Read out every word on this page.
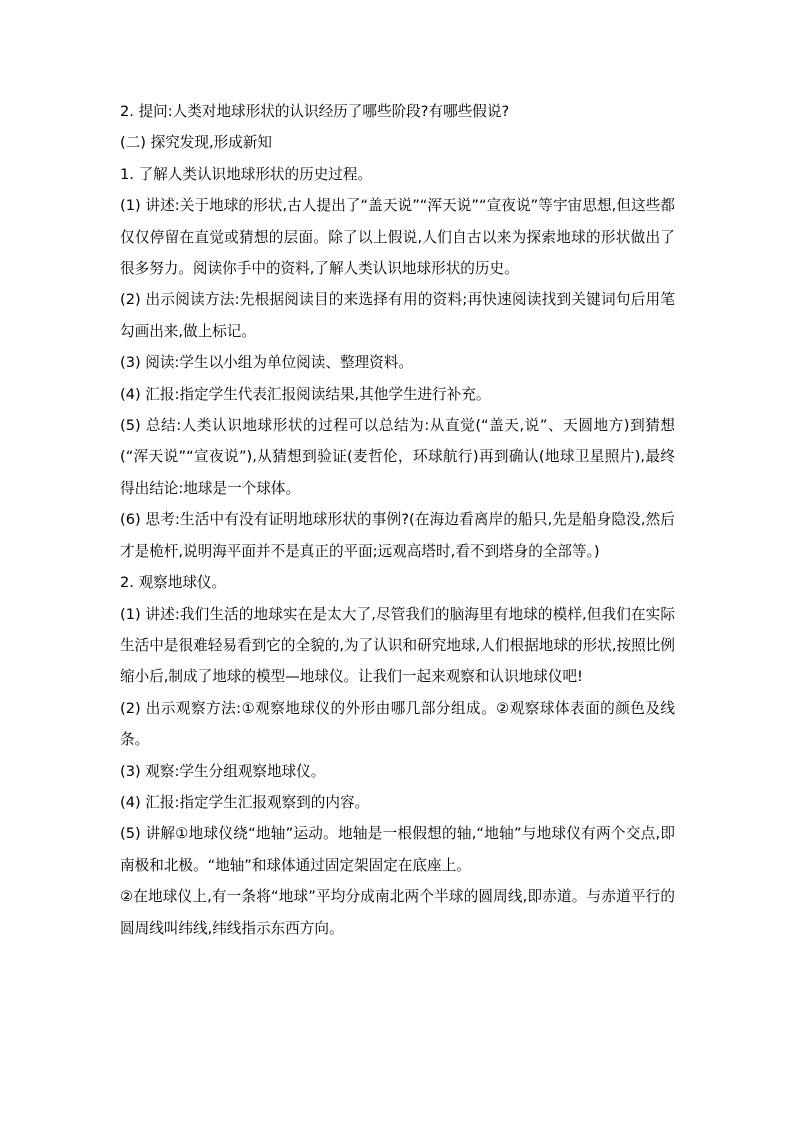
2. 提问:人类对地球形状的认识经历了哪些阶段?有哪些假说?

(二) 探究发现,形成新知

1. 了解人类认识地球形状的历史过程。

(1) 讲述:关于地球的形状,古人提出了“盖天说”“浑天说”“宣夜说”等宇宙思想,但这些都仅仅停留在直觉或猜想的层面。除了以上假说,人们自古以来为探索地球的形状做出了很多努力。阅读你手中的资料,了解人类认识地球形状的历史。

(2) 出示阅读方法:先根据阅读目的来选择有用的资料;再快速阅读找到关键词句后用笔勾画出来,做上标记。

(3) 阅读:学生以小组为单位阅读、整理资料。

(4) 汇报:指定学生代表汇报阅读结果,其他学生进行补充。

(5) 总结:人类认识地球形状的过程可以总结为:从直觉(“盖天,说”、天圆地方)到猜想(“浑天说”“宣夜说”),从猜想到验证(麦哲伦，环球航行)再到确认(地球卫星照片),最终得出结论:地球是一个球体。

(6) 思考:生活中有没有证明地球形状的事例?(在海边看离岸的船只,先是船身隐没,然后才是桅杆,说明海平面并不是真正的平面;远观高塔时,看不到塔身的全部等。)

2. 观察地球仪。

(1) 讲述:我们生活的地球实在是太大了,尽管我们的脑海里有地球的模样,但我们在实际生活中是很难轻易看到它的全貌的,为了认识和研究地球,人们根据地球的形状,按照比例缩小后,制成了地球的模型—地球仪。让我们一起来观察和认识地球仪吧!

(2) 出示观察方法:①观察地球仪的外形由哪几部分组成。②观察球体表面的颜色及线条。

(3) 观察:学生分组观察地球仪。

(4) 汇报:指定学生汇报观察到的内容。

(5) 讲解①地球仪绕“地轴”运动。地轴是一根假想的轴,“地轴”与地球仪有两个交点,即南极和北极。“地轴”和球体通过固定架固定在底座上。

②在地球仪上,有一条将“地球”平均分成南北两个半球的圆周线,即赤道。与赤道平行的圆周线叫纬线,纬线指示东西方向。
